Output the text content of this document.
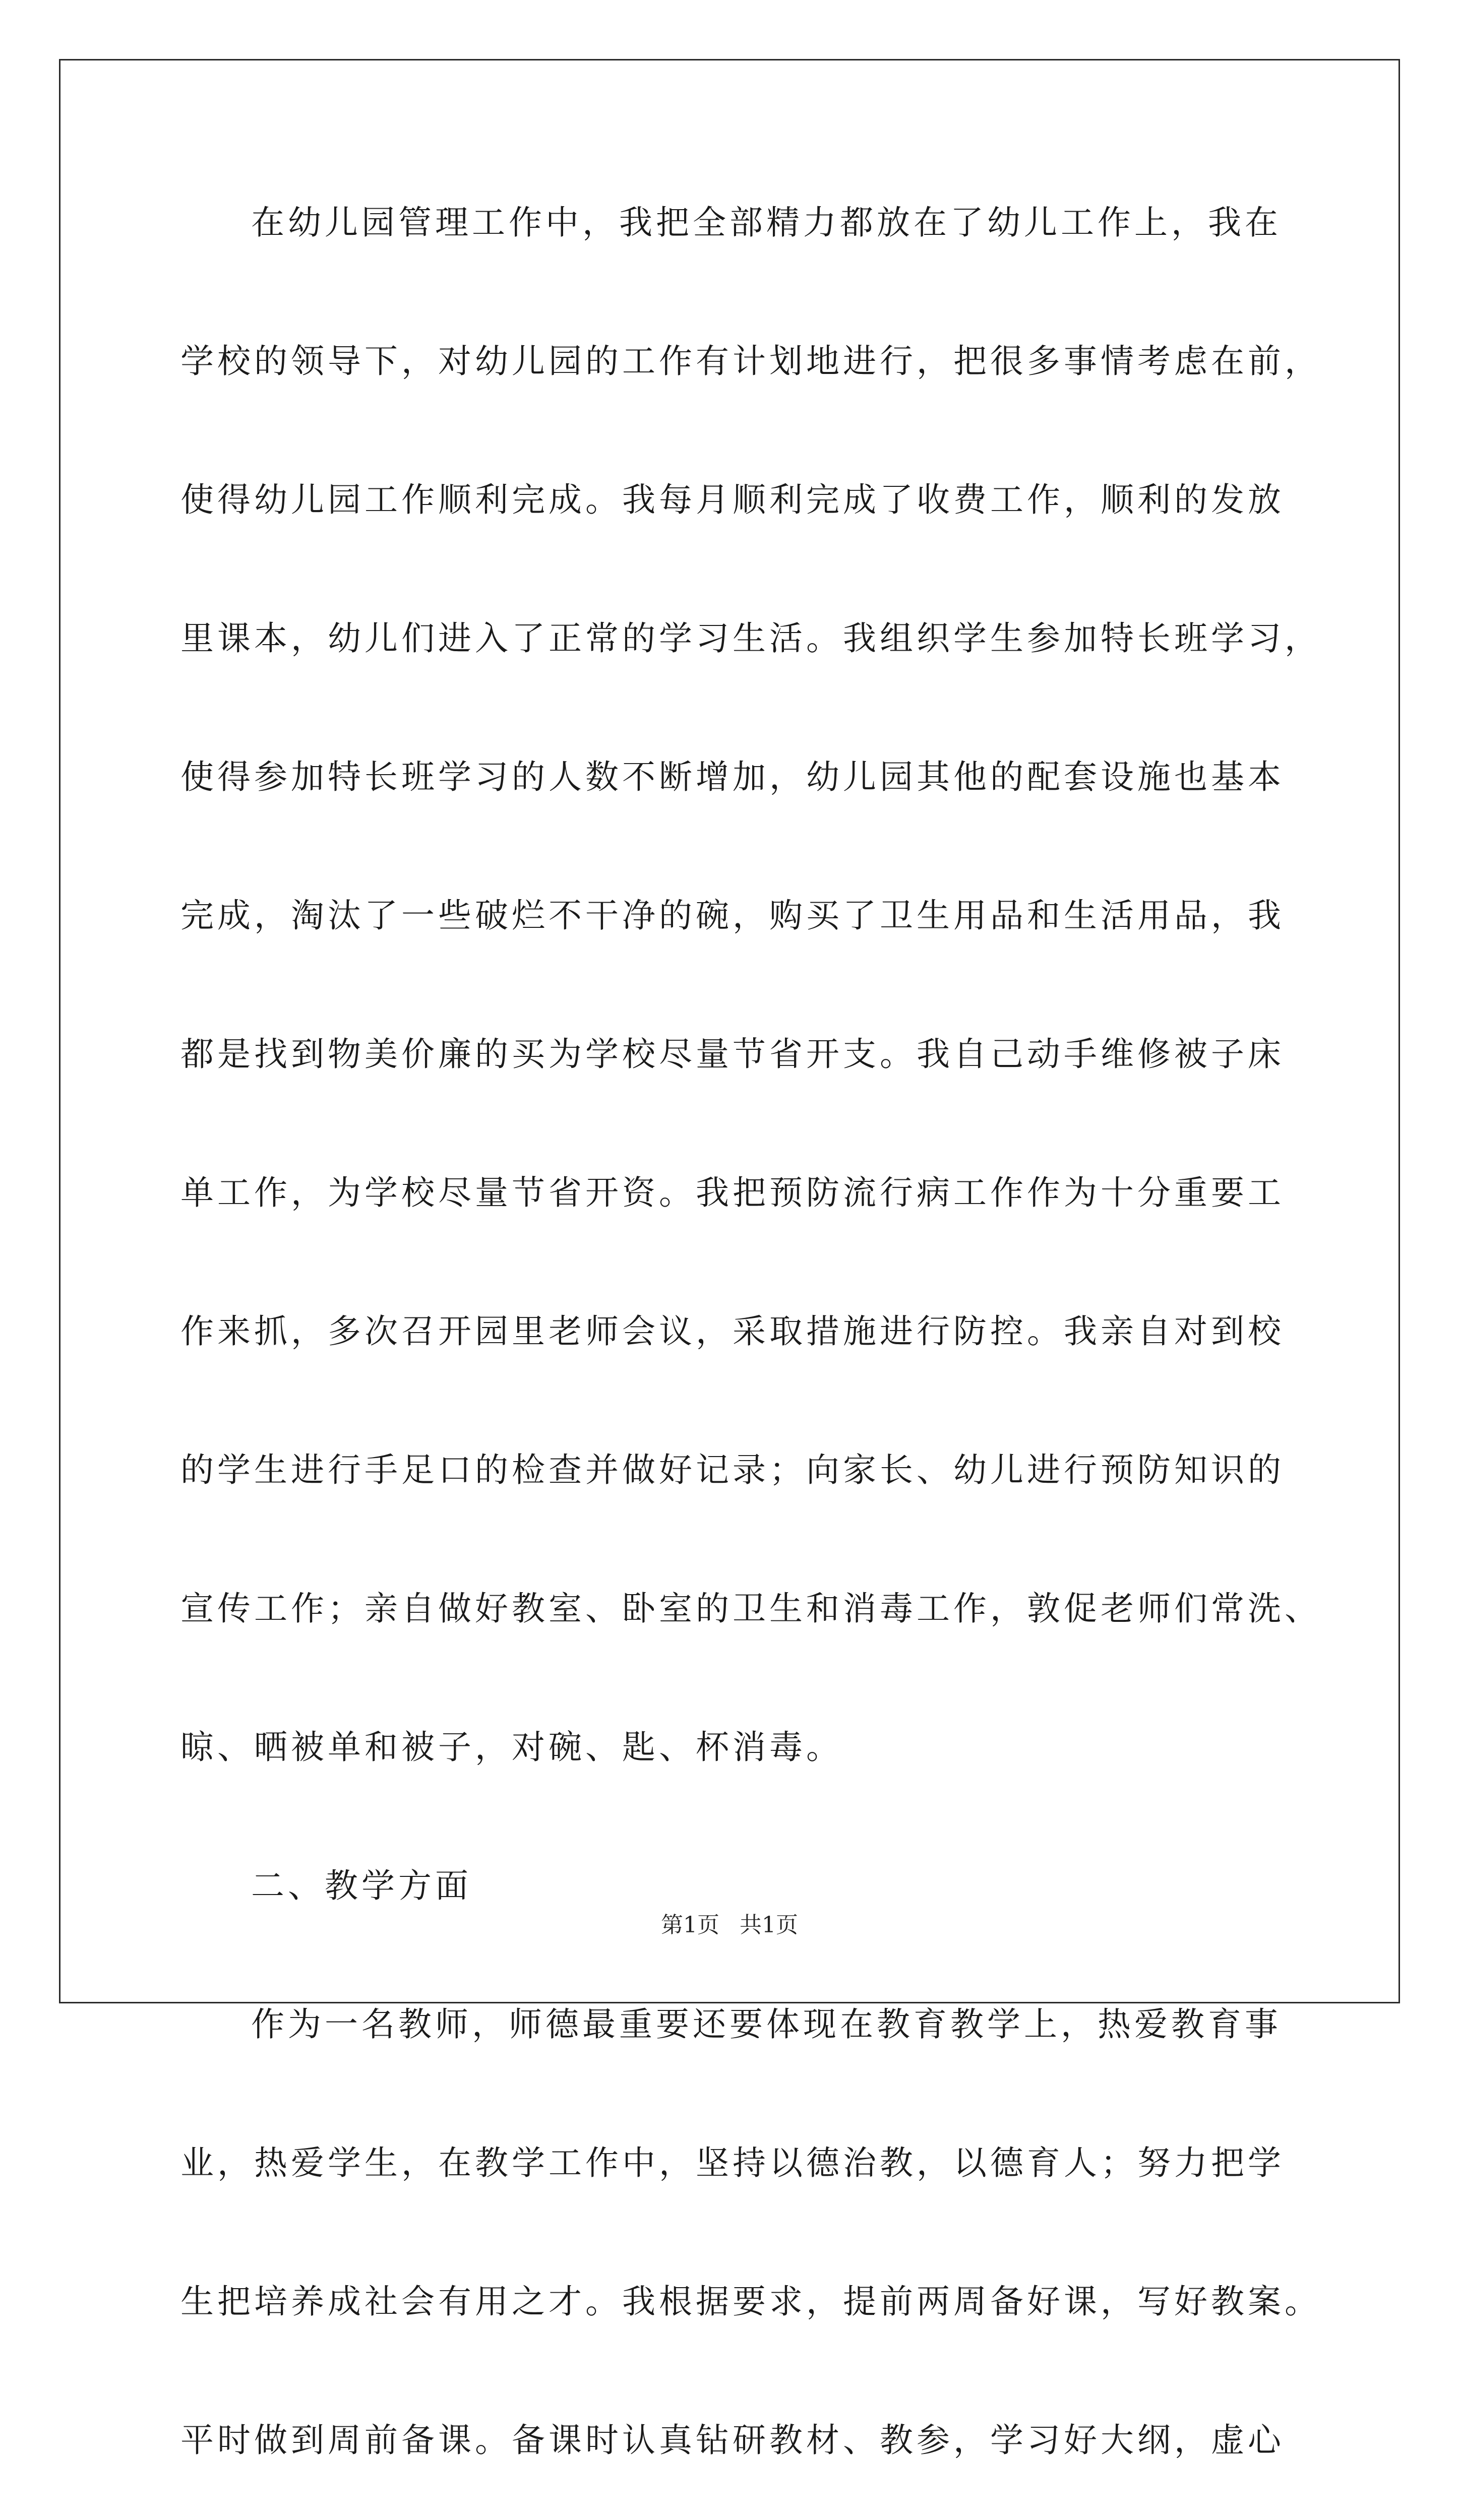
在幼儿园管理工作中，我把全部精力都放在了幼儿工作上，我在
学校的领导下，对幼儿园的工作有计划地进行，把很多事情考虑在前，
使得幼儿园工作顺利完成。我每月顺利完成了收费工作，顺利的发放
里课本，幼儿们进入了正常的学习生活。我组织学生参加特长班学习，
使得参加特长班学习的人数不断增加，幼儿园其他的配套设施也基本
完成，淘汰了一些破烂不干净的碗，购买了卫生用品和生活用品，我
都是找到物美价廉的买为学校尽量节省开支。我自己动手维修被子床
单工作，为学校尽量节省开资。我把预防流行病工作作为十分重要工
作来抓，多次召开园里老师会议，采取措施进行防控。我亲自对到校
的学生进行手足口的检查并做好记录；向家长、幼儿进行预防知识的
宣传工作；亲自做好教室、卧室的卫生和消毒工作，敦促老师们常洗、
晾、晒被单和被子，对碗、匙、杯消毒。
二、教学方面
作为一名教师，师德最重要还要体现在教育教学上，热爱教育事
业，热爱学生，在教学工作中，坚持以德治教，以德育人；努力把学
生把培养成社会有用之才。我根据要求，提前两周备好课，写好教案。
平时做到周前备课。备课时认真钻研教材、教参，学习好大纲，虚心
第1页 共1页
